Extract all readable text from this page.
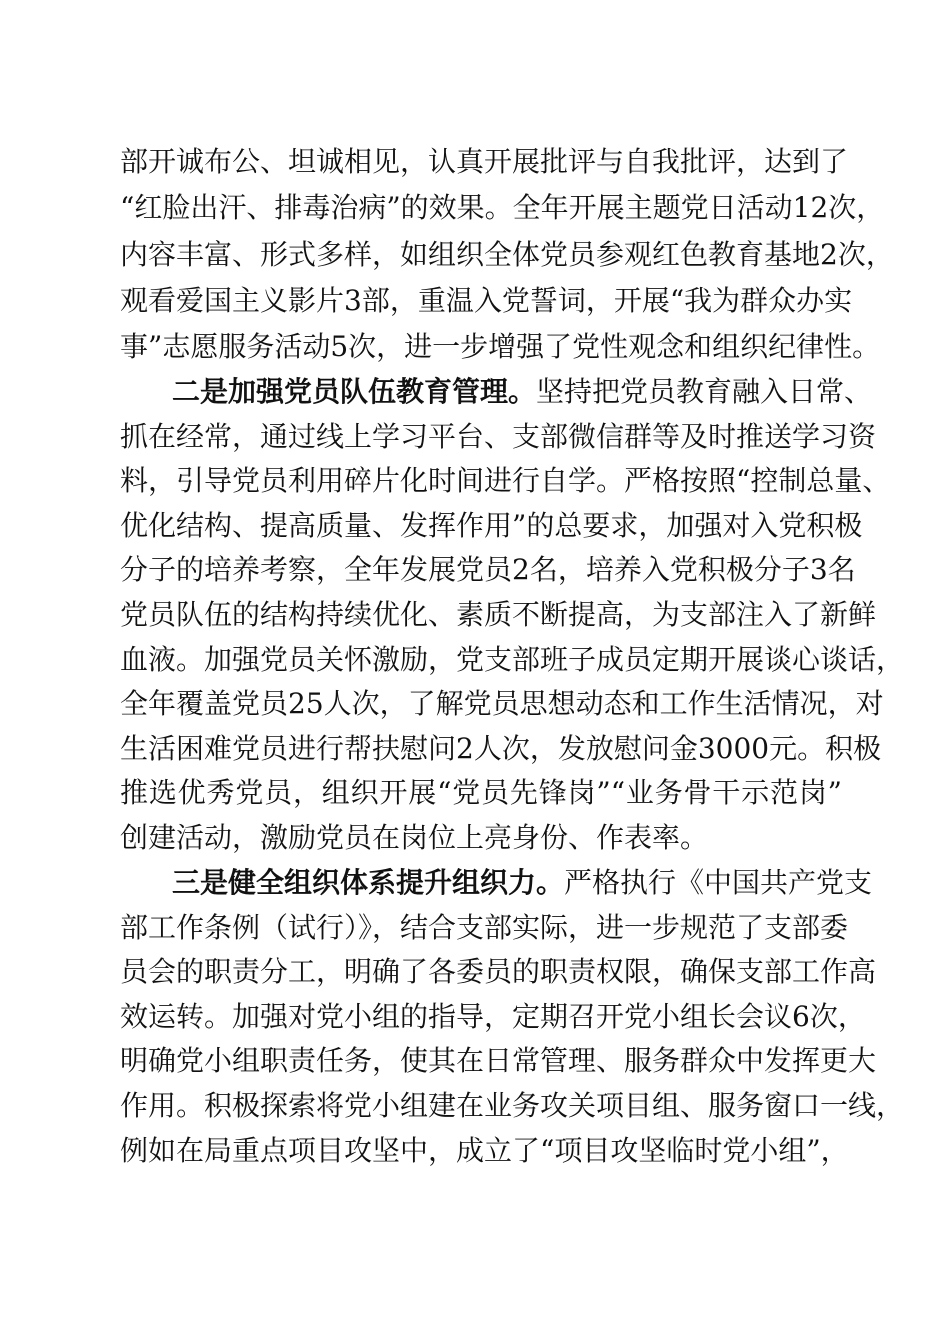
部开诚布公、坦诚相见，认真开展批评与自我批评，达到了
“红脸出汗、排毒治病”的效果。全年开展主题党日活动12次，
内容丰富、形式多样，如组织全体党员参观红色教育基地2次，
观看爱国主义影片3部，重温入党誓词，开展“我为群众办实
事”志愿服务活动5次，进一步增强了党性观念和组织纪律性。
二是加强党员队伍教育管理。坚持把党员教育融入日常、
抓在经常，通过线上学习平台、支部微信群等及时推送学习资
料，引导党员利用碎片化时间进行自学。严格按照“控制总量、
优化结构、提高质量、发挥作用”的总要求，加强对入党积极
分子的培养考察，全年发展党员2名，培养入党积极分子3名
党员队伍的结构持续优化、素质不断提高，为支部注入了新鲜
血液。加强党员关怀激励，党支部班子成员定期开展谈心谈话，
全年覆盖党员25人次，了解党员思想动态和工作生活情况，对
生活困难党员进行帮扶慰问2人次，发放慰问金3000元。积极
推选优秀党员，组织开展“党员先锋岗”“业务骨干示范岗”
创建活动，激励党员在岗位上亮身份、作表率。
三是健全组织体系提升组织力。严格执行《中国共产党支
部工作条例（试行）》，结合支部实际，进一步规范了支部委
员会的职责分工，明确了各委员的职责权限，确保支部工作高
效运转。加强对党小组的指导，定期召开党小组长会议6次，
明确党小组职责任务，使其在日常管理、服务群众中发挥更大
作用。积极探索将党小组建在业务攻关项目组、服务窗口一线，
例如在局重点项目攻坚中，成立了“项目攻坚临时党小组”，
